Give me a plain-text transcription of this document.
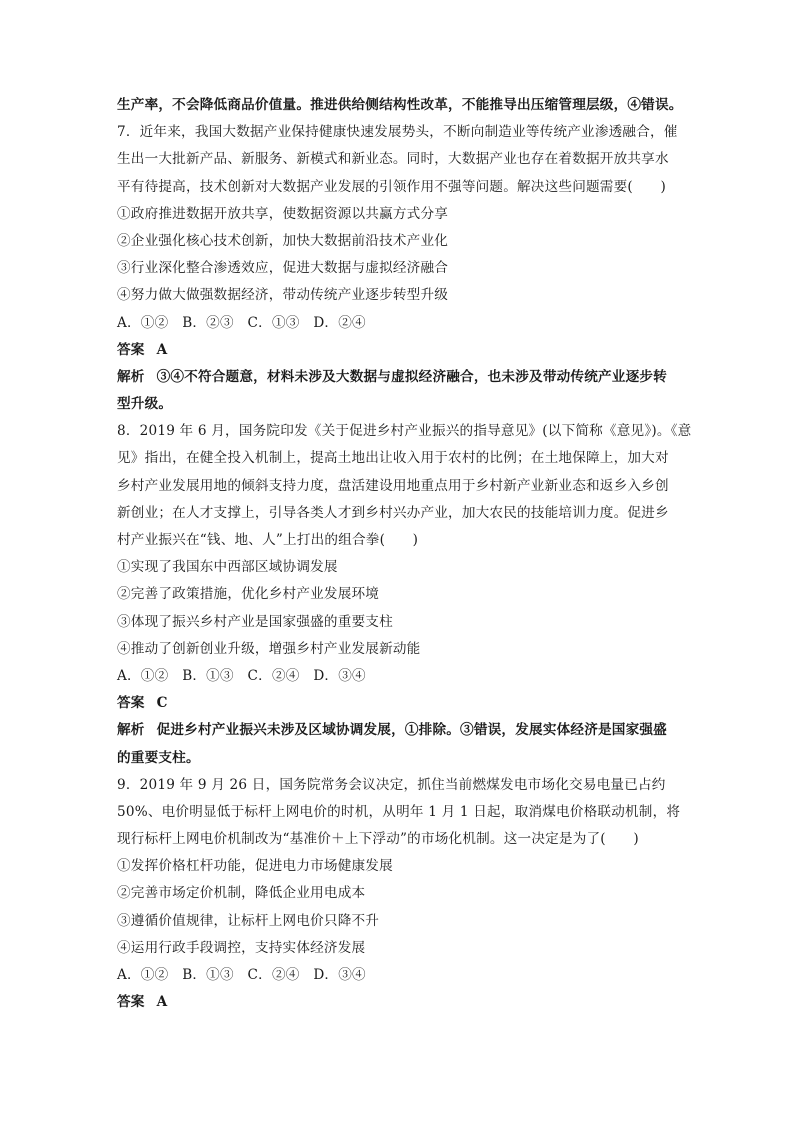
生产率，不会降低商品价值量。推进供给侧结构性改革，不能推导出压缩管理层级，④错误。
7．近年来，我国大数据产业保持健康快速发展势头，不断向制造业等传统产业渗透融合，催
生出一大批新产品、新服务、新模式和新业态。同时，大数据产业也存在着数据开放共享水
平有待提高，技术创新对大数据产业发展的引领作用不强等问题。解决这些问题需要(　　)
①政府推进数据开放共享，使数据资源以共赢方式分享
②企业强化核心技术创新，加快大数据前沿技术产业化
③行业深化整合渗透效应，促进大数据与虚拟经济融合
④努力做大做强数据经济，带动传统产业逐步转型升级
A．①②　B．②③　C．①③　D．②④
答案 A
解析 ③④不符合题意，材料未涉及大数据与虚拟经济融合，也未涉及带动传统产业逐步转
型升级。
8．2019 年 6 月，国务院印发《关于促进乡村产业振兴的指导意见》(以下简称《意见》)。《意
见》指出，在健全投入机制上，提高土地出让收入用于农村的比例；在土地保障上，加大对
乡村产业发展用地的倾斜支持力度，盘活建设用地重点用于乡村新产业新业态和返乡入乡创
新创业；在人才支撑上，引导各类人才到乡村兴办产业，加大农民的技能培训力度。促进乡
村产业振兴在“钱、地、人”上打出的组合拳(　　)
①实现了我国东中西部区域协调发展
②完善了政策措施，优化乡村产业发展环境
③体现了振兴乡村产业是国家强盛的重要支柱
④推动了创新创业升级，增强乡村产业发展新动能
A．①②　B．①③　C．②④　D．③④
答案 C
解析 促进乡村产业振兴未涉及区域协调发展，①排除。③错误，发展实体经济是国家强盛
的重要支柱。
9．2019 年 9 月 26 日，国务院常务会议决定，抓住当前燃煤发电市场化交易电量已占约
50%、电价明显低于标杆上网电价的时机，从明年 1 月 1 日起，取消煤电价格联动机制，将
现行标杆上网电价机制改为“基准价＋上下浮动”的市场化机制。这一决定是为了(　　)
①发挥价格杠杆功能，促进电力市场健康发展
②完善市场定价机制，降低企业用电成本
③遵循价值规律，让标杆上网电价只降不升
④运用行政手段调控，支持实体经济发展
A．①②　B．①③　C．②④　D．③④
答案 A
